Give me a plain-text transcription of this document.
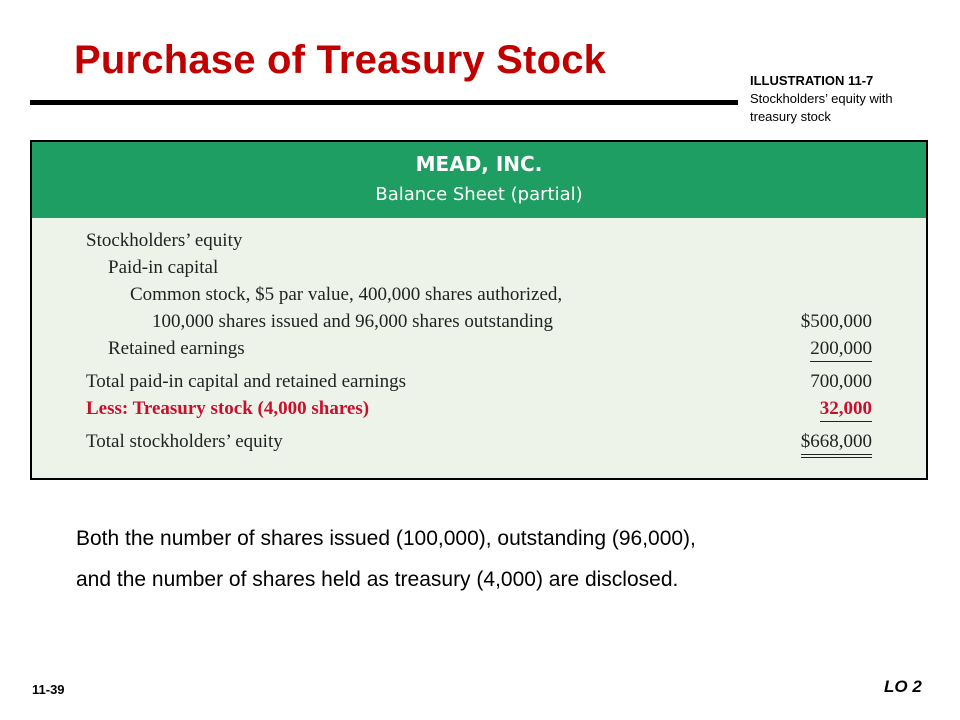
Purchase of Treasury Stock	ILLUSTRATION 11-7
Stockholders’ equity with
treasury stock
MEAD, INC.
Balance Sheet (partial)
Stockholders’ equity
Paid-in capital
Common stock, $5 par value, 400,000 shares authorized,
100,000 shares issued and 96,000 shares outstanding	$500,000
Retained earnings	200,000
Total paid-in capital and retained earnings	700,000
Less: Treasury stock (4,000 shares)	32,000
Total stockholders’ equity	$668,000
Both the number of shares issued (100,000), outstanding (96,000),
and the number of shares held as treasury (4,000) are disclosed.
11-39	LO 2
